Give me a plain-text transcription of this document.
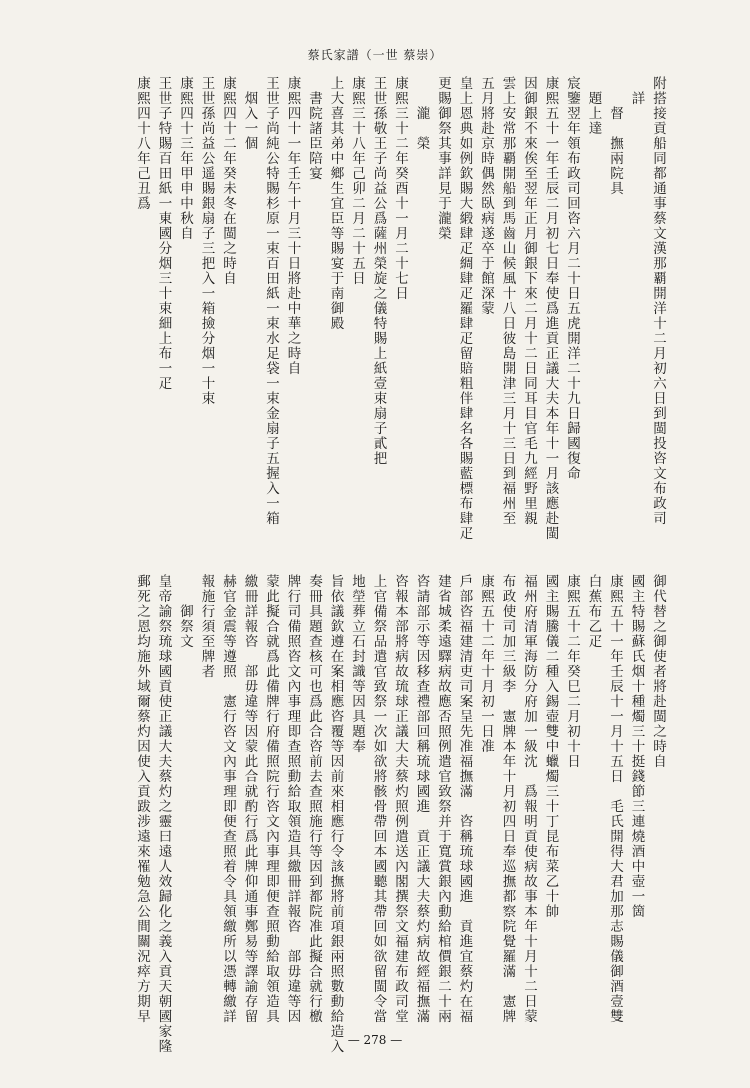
蔡氏家譜（一世 蔡崇）
附搭接貢船同都通事蔡文漢那覇開洋十二月初六日到閩投咨文布政司
　詳
　　督　撫兩院具
　題上達
宸鑒翌年領布政司回咨六月二十日五虎開洋二十九日歸國復命
康熙五十一年壬辰二月初七日奉使爲進貢正議大夫本年十一月該應赴閩
因御銀不來俟至翌年正月御銀下來二月十二日同耳目官毛九經野里親
雲上安常那覇開船到馬齒山候風十八日彼島開津三月十三日到福州至
五月將赴京時偶然臥病遂卒于館深蒙
皇上恩典如例欽賜大緞肆疋綢肆疋羅肆疋留賠粗伴肆名各賜藍標布肆疋
更賜御祭其事詳見于瀧榮
　　瀧　榮
康熙三十二年癸酉十一月二十七日
王世孫敬王子尚益公爲薩州榮旋之儀特賜上紙壹束扇子貳把
康熙三十八年己卯二月二十五日
上大喜其弟中鄉生宜臣等賜宴于南御殿
　書院諸臣陪宴
康熙四十一年壬午十月三十日將赴中華之時自
王世子尚純公特賜杉原一束百田紙一束水足袋一束金扇子五握入一箱
　烟入一個
康熙四十二年癸未冬在閩之時自
王世孫尚益公遥賜銀扇子三把入一箱撿分烟一十束
康熙四十三年甲申中秋自
王世子特賜百田紙一東國分烟三十束細上布一疋
康熙四十八年己丑爲
御代替之御使者將赴閩之時自
國主特賜蘇氏烟十種燭三十挺錢節三連燒酒中壺一箇
康熙五十一年壬辰十一月十五日　毛氏開得大君加那志賜儀御酒壹雙
白蕉布乙疋
康熙五十二年癸巳二月初十日
國主賜騰儀二種入錫壺雙中蠟燭三十丁昆布菜乙十帥
福州府清軍海防分府加一級沈　爲報明貢使病故事本年十月十二日蒙
布政使司加三級李　憲牌本年十月初四日奉巡撫都察院覺羅滿　憲牌
康熙五十二年十月初一日准
戶部咨福建清吏司案呈先准福撫滿　咨稱琉球國進　貢進宜蔡灼在福
建省城柔遠驛病故應否照例遣官致祭并于寬賞銀內動給棺價銀二十兩
咨請部示等因移查禮部回稱琉球國進　貢正議大夫蔡灼病故經福撫滿
咨報本部將病故琉球正議大夫蔡灼照例遣送內閣撰祭文福建布政司堂
上官備祭品遣官致祭一次如欲將骸骨帶回本國聽其帶回如欲留閩令當
地塋葬立石封識等因具題奉
旨依議欽遵在案相應咨覆等因前來相應行令該撫將前項銀兩照數動給造入
奏冊具題查核可也爲此合咨前去查照施行等因到都院准此擬合就行檄
牌行司備照咨文內事理即查照動給取領造具繳冊詳報咨　部毋違等因
蒙此擬合就爲此備牌行府備照院行咨文內事理即便查照動給取領造具
繳冊詳報咨　部毋違等因蒙此合就酌行爲此牌仰通事鄭易等譯諭存留
赫官金震等遵照　憲行咨文內事理即便查照着令具領繳所以憑轉繳詳
報施行須至牌者
　　御祭文
皇帝諭祭琉球國貢使正議大夫蔡灼之靈曰遠人效歸化之義入貢天朝國家隆
郵死之恩均施外域爾蔡灼因使入貢跋涉遠來罹勉急公間關況瘁方期早
— 278 —
